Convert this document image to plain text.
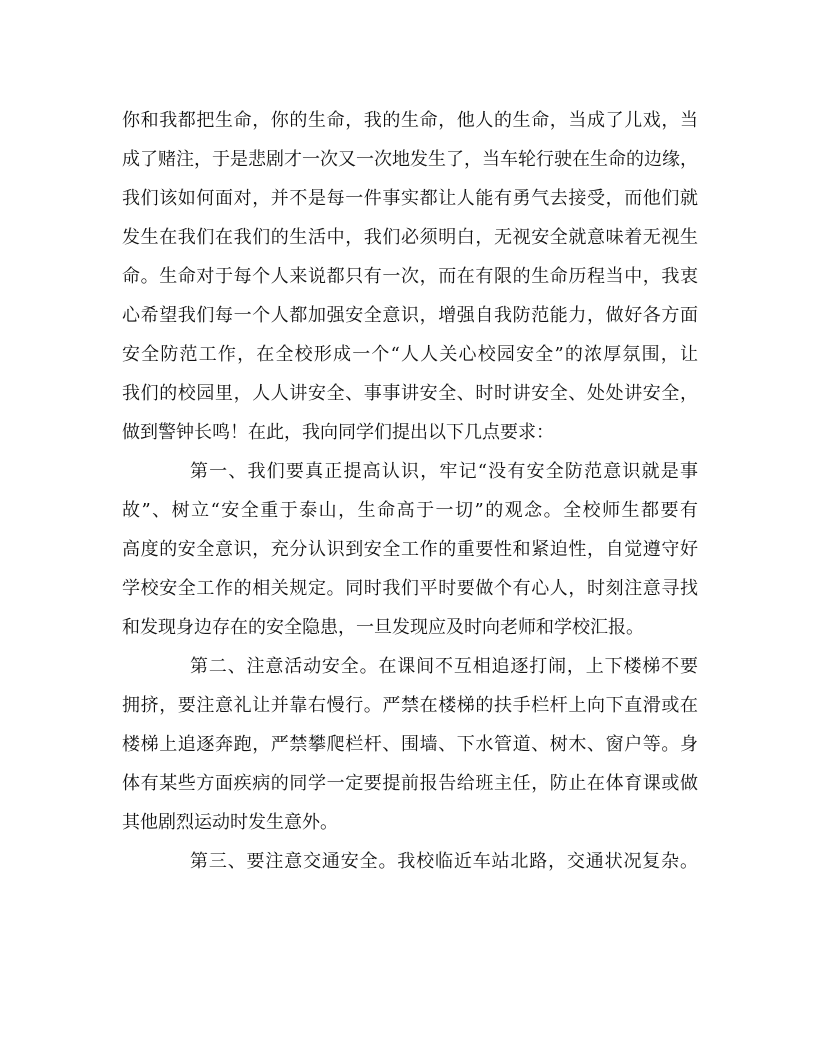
你和我都把生命，你的生命，我的生命，他人的生命，当成了儿戏，当
成了赌注，于是悲剧才一次又一次地发生了，当车轮行驶在生命的边缘，
我们该如何面对，并不是每一件事实都让人能有勇气去接受，而他们就
发生在我们在我们的生活中，我们必须明白，无视安全就意味着无视生
命。生命对于每个人来说都只有一次，而在有限的生命历程当中，我衷
心希望我们每一个人都加强安全意识，增强自我防范能力，做好各方面
安全防范工作，在全校形成一个“人人关心校园安全”的浓厚氛围，让
我们的校园里，人人讲安全、事事讲安全、时时讲安全、处处讲安全，
做到警钟长鸣！在此，我向同学们提出以下几点要求：
第一、我们要真正提高认识，牢记“没有安全防范意识就是事
故”、树立“安全重于泰山，生命高于一切”的观念。全校师生都要有
高度的安全意识，充分认识到安全工作的重要性和紧迫性，自觉遵守好
学校安全工作的相关规定。同时我们平时要做个有心人，时刻注意寻找
和发现身边存在的安全隐患，一旦发现应及时向老师和学校汇报。
第二、注意活动安全。在课间不互相追逐打闹，上下楼梯不要
拥挤，要注意礼让并靠右慢行。严禁在楼梯的扶手栏杆上向下直滑或在
楼梯上追逐奔跑，严禁攀爬栏杆、围墙、下水管道、树木、窗户等。身
体有某些方面疾病的同学一定要提前报告给班主任，防止在体育课或做
其他剧烈运动时发生意外。
第三、要注意交通安全。我校临近车站北路，交通状况复杂。
